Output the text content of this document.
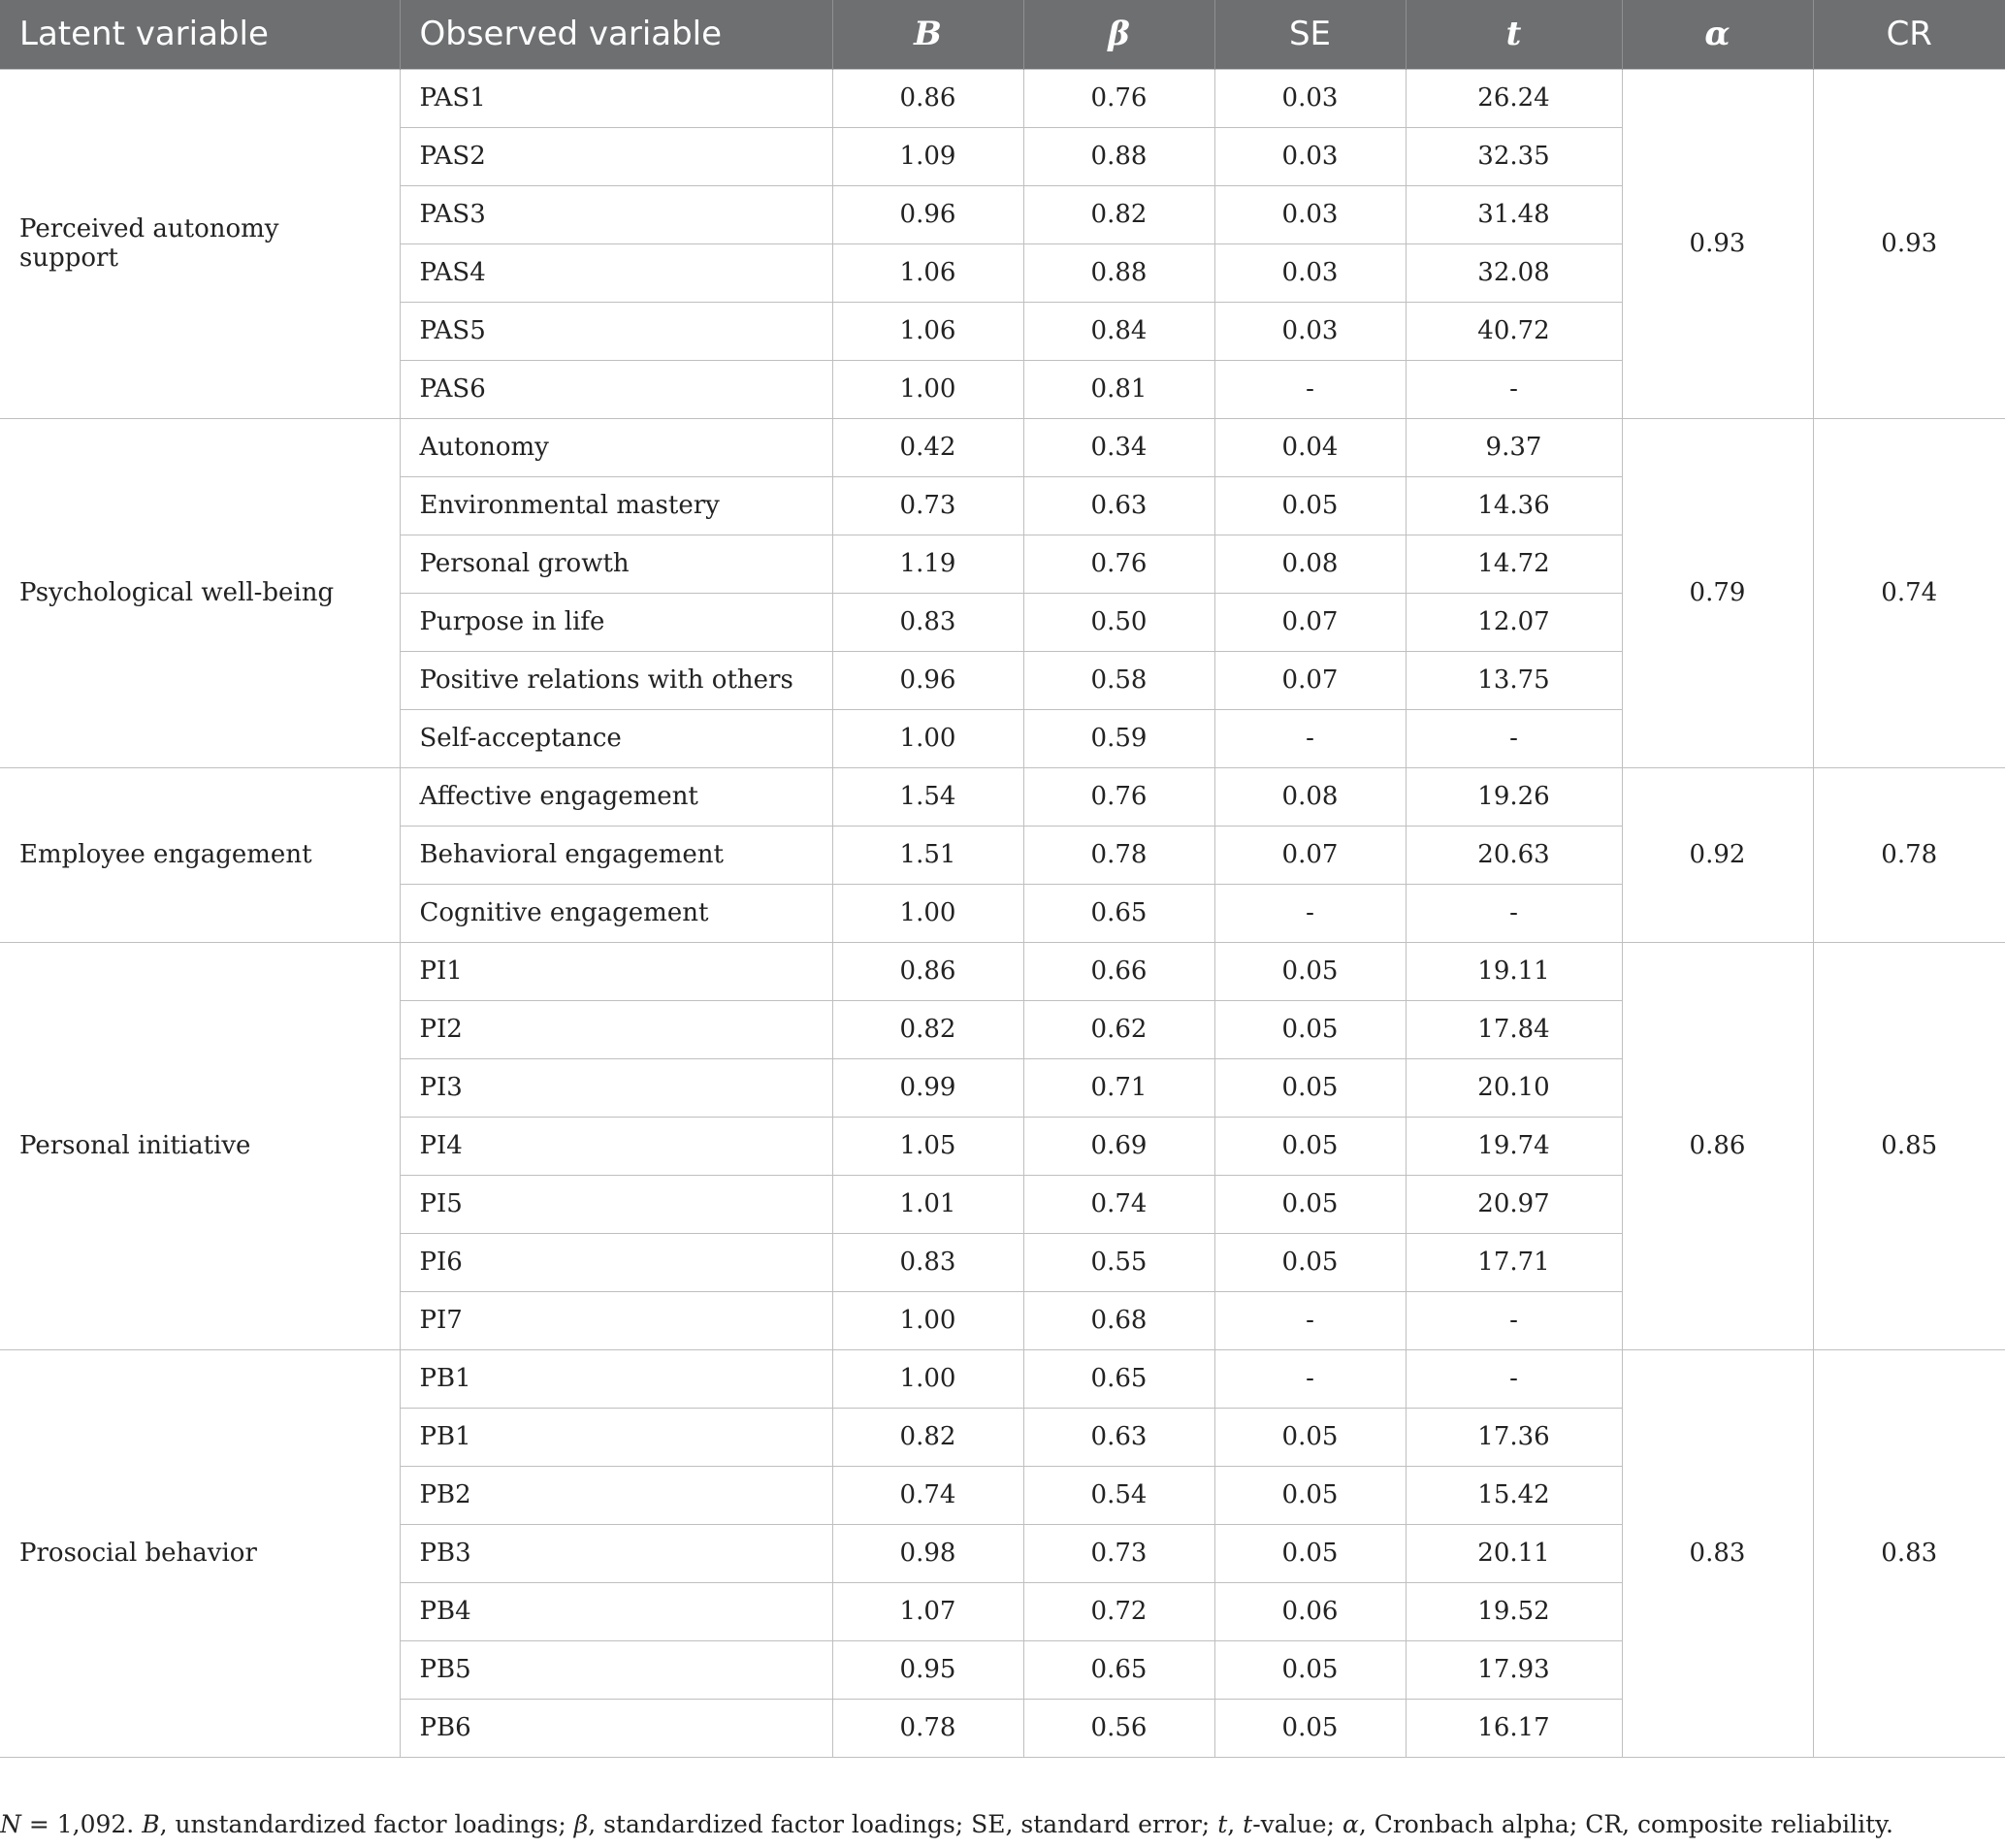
Latent variable	Observed variable	B	β	SE	t	α	CR
Perceived autonomy support	PAS1	0.86	0.76	0.03	26.24	0.93	0.93
	PAS2	1.09	0.88	0.03	32.35		
	PAS3	0.96	0.82	0.03	31.48		
	PAS4	1.06	0.88	0.03	32.08		
	PAS5	1.06	0.84	0.03	40.72		
	PAS6	1.00	0.81	-	-		
Psychological well-being	Autonomy	0.42	0.34	0.04	9.37	0.79	0.74
	Environmental mastery	0.73	0.63	0.05	14.36		
	Personal growth	1.19	0.76	0.08	14.72		
	Purpose in life	0.83	0.50	0.07	12.07		
	Positive relations with others	0.96	0.58	0.07	13.75		
	Self-acceptance	1.00	0.59	-	-		
Employee engagement	Affective engagement	1.54	0.76	0.08	19.26	0.92	0.78
	Behavioral engagement	1.51	0.78	0.07	20.63		
	Cognitive engagement	1.00	0.65	-	-		
Personal initiative	PI1	0.86	0.66	0.05	19.11	0.86	0.85
	PI2	0.82	0.62	0.05	17.84		
	PI3	0.99	0.71	0.05	20.10		
	PI4	1.05	0.69	0.05	19.74		
	PI5	1.01	0.74	0.05	20.97		
	PI6	0.83	0.55	0.05	17.71		
	PI7	1.00	0.68	-	-		
Prosocial behavior	PB1	1.00	0.65	-	-	0.83	0.83
	PB1	0.82	0.63	0.05	17.36		
	PB2	0.74	0.54	0.05	15.42		
	PB3	0.98	0.73	0.05	20.11		
	PB4	1.07	0.72	0.06	19.52		
	PB5	0.95	0.65	0.05	17.93		
	PB6	0.78	0.56	0.05	16.17		
N = 1,092. B, unstandardized factor loadings; β, standardized factor loadings; SE, standard error; t, t-value; α, Cronbach alpha; CR, composite reliability.
